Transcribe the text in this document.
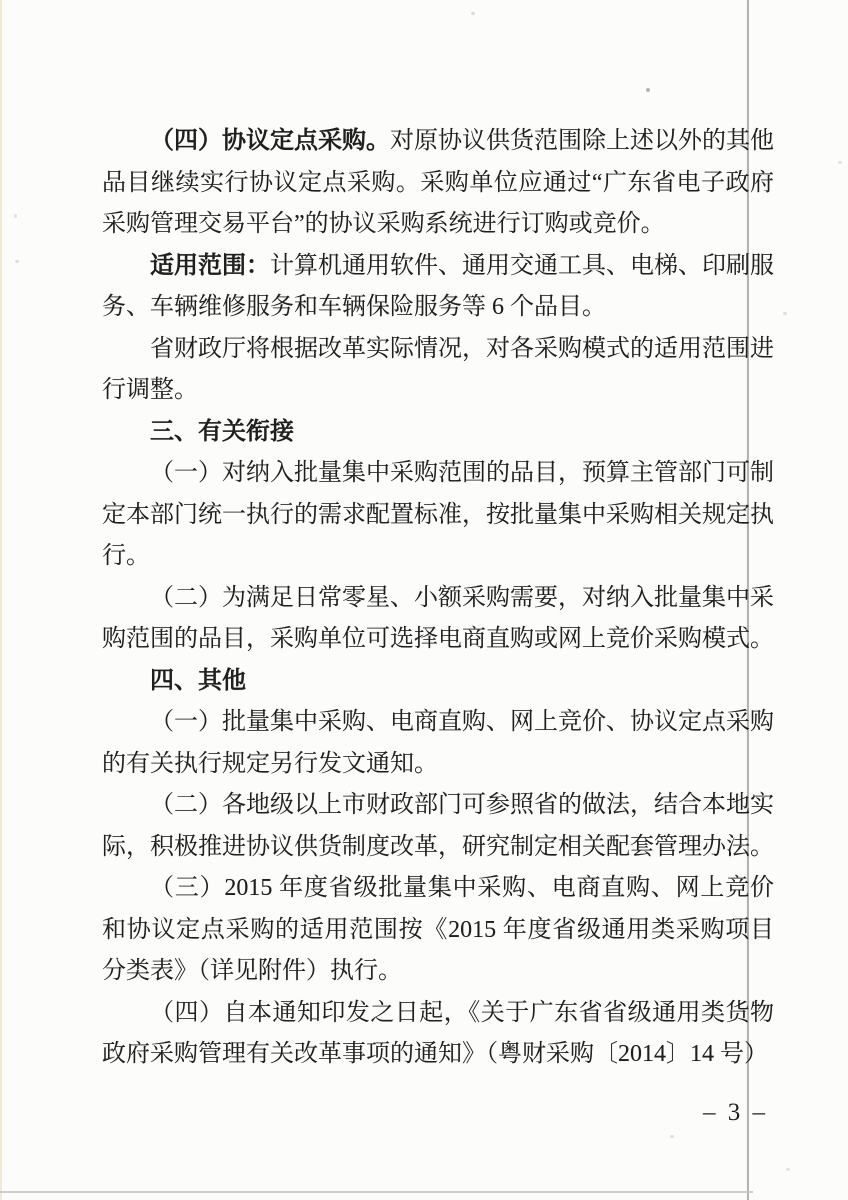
（四）协议定点采购。对原协议供货范围除上述以外的其他品目继续实行协议定点采购。采购单位应通过“广东省电子政府采购管理交易平台”的协议采购系统进行订购或竞价。

适用范围：计算机通用软件、通用交通工具、电梯、印刷服务、车辆维修服务和车辆保险服务等 6 个品目。

省财政厅将根据改革实际情况，对各采购模式的适用范围进行调整。

三、有关衔接

（一）对纳入批量集中采购范围的品目，预算主管部门可制定本部门统一执行的需求配置标准，按批量集中采购相关规定执行。

（二）为满足日常零星、小额采购需要，对纳入批量集中采购范围的品目，采购单位可选择电商直购或网上竞价采购模式。

四、其他

（一）批量集中采购、电商直购、网上竞价、协议定点采购的有关执行规定另行发文通知。

（二）各地级以上市财政部门可参照省的做法，结合本地实际，积极推进协议供货制度改革，研究制定相关配套管理办法。

（三）2015 年度省级批量集中采购、电商直购、网上竞价和协议定点采购的适用范围按《2015 年度省级通用类采购项目分类表》（详见附件）执行。

（四）自本通知印发之日起，《关于广东省省级通用类货物政府采购管理有关改革事项的通知》（粤财采购〔2014〕14 号）

– 3 –
